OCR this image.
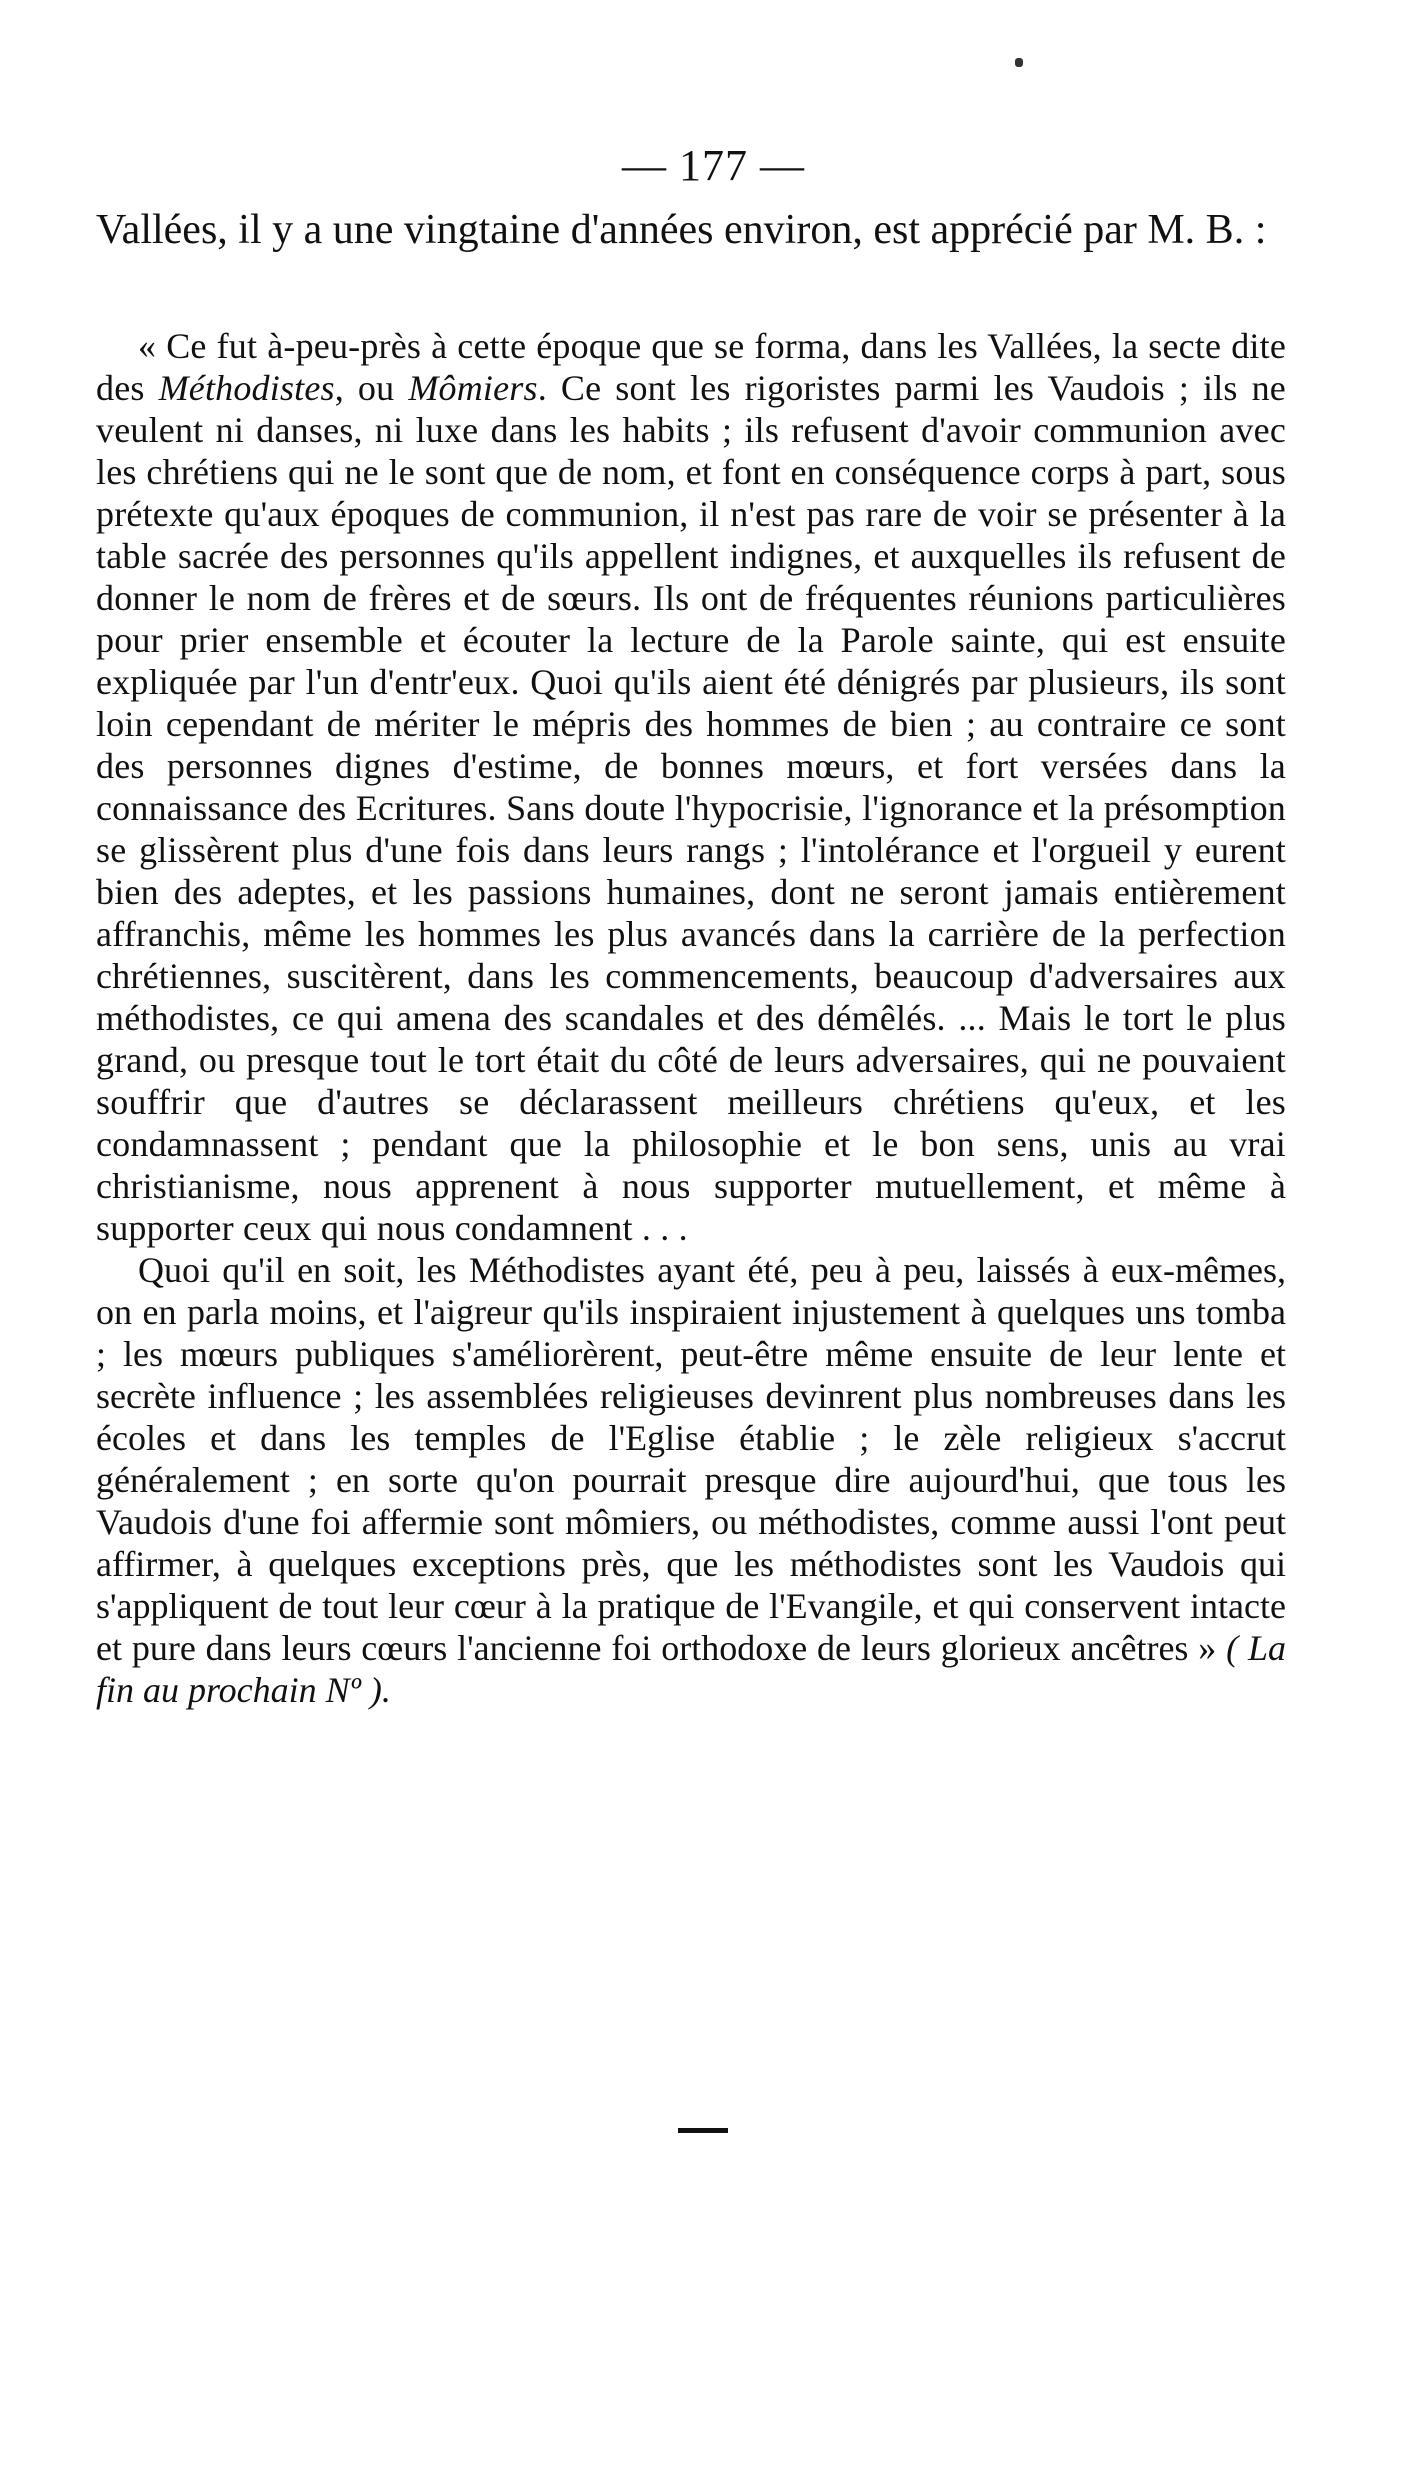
— 177 —
Vallées, il y a une vingtaine d'années environ, est apprécié par M. B. :

« Ce fut à-peu-près à cette époque que se forma, dans les Vallées, la secte dite des Méthodistes, ou Mômiers. Ce sont les rigoristes parmi les Vaudois ; ils ne veulent ni danses, ni luxe dans les habits ; ils refusent d'avoir communion avec les chrétiens qui ne le sont que de nom, et font en conséquence corps à part, sous prétexte qu'aux époques de communion, il n'est pas rare de voir se présenter à la table sacrée des personnes qu'ils appellent indignes, et auxquelles ils refusent de donner le nom de frères et de sœurs. Ils ont de fréquentes réunions particulières pour prier ensemble et écouter la lecture de la Parole sainte, qui est ensuite expliquée par l'un d'entr'eux. Quoi qu'ils aient été dénigrés par plusieurs, ils sont loin cependant de mériter le mépris des hommes de bien ; au contraire ce sont des personnes dignes d'estime, de bonnes mœurs, et fort versées dans la connaissance des Ecritures. Sans doute l'hypocrisie, l'ignorance et la présomption se glissèrent plus d'une fois dans leurs rangs ; l'intolérance et l'orgueil y eurent bien des adeptes, et les passions humaines, dont ne seront jamais entièrement affranchis, même les hommes les plus avancés dans la carrière de la perfection chrétiennes, suscitèrent, dans les commencements, beaucoup d'adversaires aux méthodistes, ce qui amena des scandales et des démêlés. ... Mais le tort le plus grand, ou presque tout le tort était du côté de leurs adversaires, qui ne pouvaient souffrir que d'autres se déclarassent meilleurs chrétiens qu'eux, et les condamnassent ; pendant que la philosophie et le bon sens, unis au vrai christianisme, nous apprenent à nous supporter mutuellement, et même à supporter ceux qui nous condamnent . . .

Quoi qu'il en soit, les Méthodistes ayant été, peu à peu, laissés à eux-mêmes, on en parla moins, et l'aigreur qu'ils inspiraient injustement à quelques uns tomba ; les mœurs publiques s'améliorèrent, peut-être même ensuite de leur lente et secrète influence ; les assemblées religieuses devinrent plus nombreuses dans les écoles et dans les temples de l'Eglise établie ; le zèle religieux s'accrut généralement ; en sorte qu'on pourrait presque dire aujourd'hui, que tous les Vaudois d'une foi affermie sont mômiers, ou méthodistes, comme aussi l'ont peut affirmer, à quelques exceptions près, que les méthodistes sont les Vaudois qui s'appliquent de tout leur cœur à la pratique de l'Evangile, et qui conservent intacte et pure dans leurs cœurs l'ancienne foi orthodoxe de leurs glorieux ancêtres » ( La fin au prochain Nº ).
